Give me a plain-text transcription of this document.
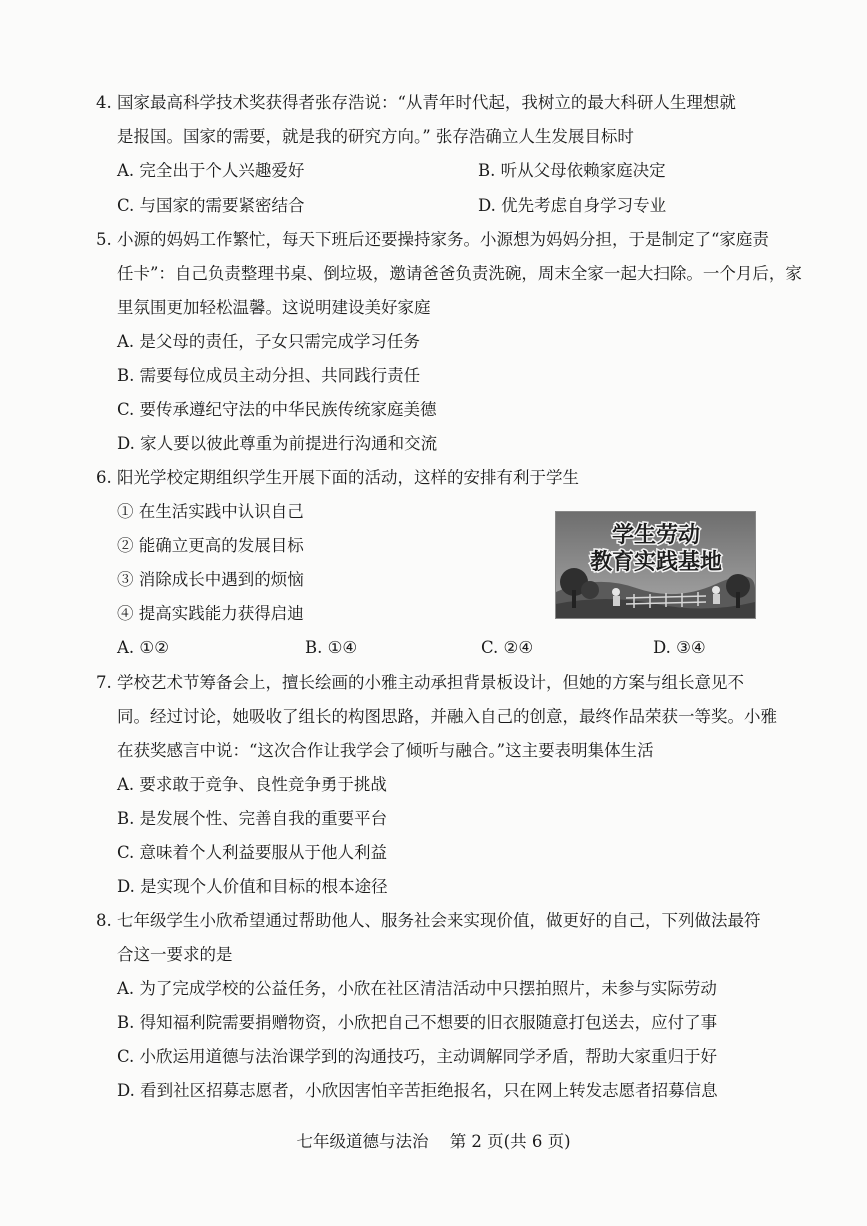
4. 国家最高科学技术奖获得者张存浩说：“从青年时代起，我树立的最大科研人生理想就
是报国。国家的需要，就是我的研究方向。” 张存浩确立人生发展目标时
A. 完全出于个人兴趣爱好	B. 听从父母依赖家庭决定
C. 与国家的需要紧密结合	D. 优先考虑自身学习专业
5. 小源的妈妈工作繁忙，每天下班后还要操持家务。小源想为妈妈分担，于是制定了“家庭责
任卡”：自己负责整理书桌、倒垃圾，邀请爸爸负责洗碗，周末全家一起大扫除。一个月后，家
里氛围更加轻松温馨。这说明建设美好家庭
A. 是父母的责任，子女只需完成学习任务
B. 需要每位成员主动分担、共同践行责任
C. 要传承遵纪守法的中华民族传统家庭美德
D. 家人要以彼此尊重为前提进行沟通和交流
6. 阳光学校定期组织学生开展下面的活动，这样的安排有利于学生
① 在生活实践中认识自己
② 能确立更高的发展目标
③ 消除成长中遇到的烦恼
④ 提高实践能力获得启迪
学生劳动
教育实践基地
A. ①②	B. ①④	C. ②④	D. ③④
7. 学校艺术节筹备会上，擅长绘画的小雅主动承担背景板设计，但她的方案与组长意见不
同。经过讨论，她吸收了组长的构图思路，并融入自己的创意，最终作品荣获一等奖。小雅
在获奖感言中说：“这次合作让我学会了倾听与融合。”这主要表明集体生活
A. 要求敢于竞争、良性竞争勇于挑战
B. 是发展个性、完善自我的重要平台
C. 意味着个人利益要服从于他人利益
D. 是实现个人价值和目标的根本途径
8. 七年级学生小欣希望通过帮助他人、服务社会来实现价值，做更好的自己，下列做法最符
合这一要求的是
A. 为了完成学校的公益任务，小欣在社区清洁活动中只摆拍照片，未参与实际劳动
B. 得知福利院需要捐赠物资，小欣把自己不想要的旧衣服随意打包送去，应付了事
C. 小欣运用道德与法治课学到的沟通技巧，主动调解同学矛盾，帮助大家重归于好
D. 看到社区招募志愿者，小欣因害怕辛苦拒绝报名，只在网上转发志愿者招募信息
七年级道德与法治 第 2 页(共 6 页)
